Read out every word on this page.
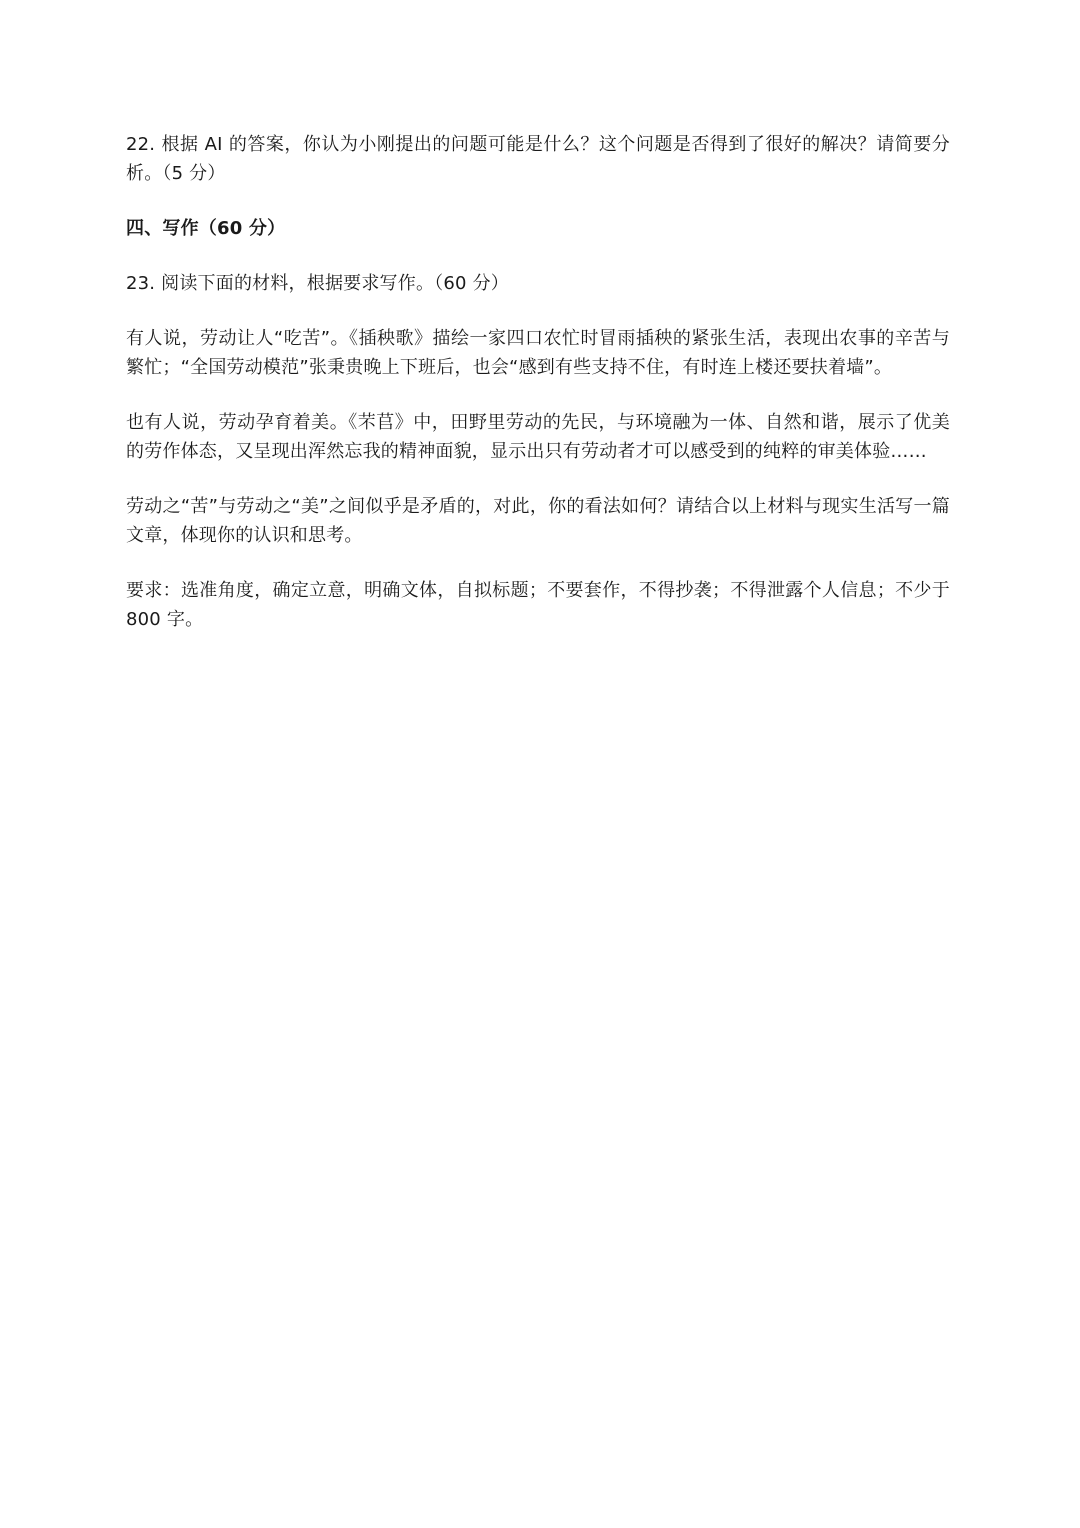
22. 根据 AI 的答案，你认为小刚提出的问题可能是什么？这个问题是否得到了很好的解决？请简要分析。（5 分）

四、写作（60 分）

23. 阅读下面的材料，根据要求写作。（60 分）

有人说，劳动让人“吃苦”。《插秧歌》描绘一家四口农忙时冒雨插秧的紧张生活，表现出农事的辛苦与繁忙；“全国劳动模范”张秉贵晚上下班后，也会“感到有些支持不住，有时连上楼还要扶着墙”。

也有人说，劳动孕育着美。《芣苢》中，田野里劳动的先民，与环境融为一体、自然和谐，展示了优美的劳作体态，又呈现出浑然忘我的精神面貌，显示出只有劳动者才可以感受到的纯粹的审美体验……

劳动之“苦”与劳动之“美”之间似乎是矛盾的，对此，你的看法如何？请结合以上材料与现实生活写一篇文章，体现你的认识和思考。

要求：选准角度，确定立意，明确文体，自拟标题；不要套作，不得抄袭；不得泄露个人信息；不少于 800 字。
